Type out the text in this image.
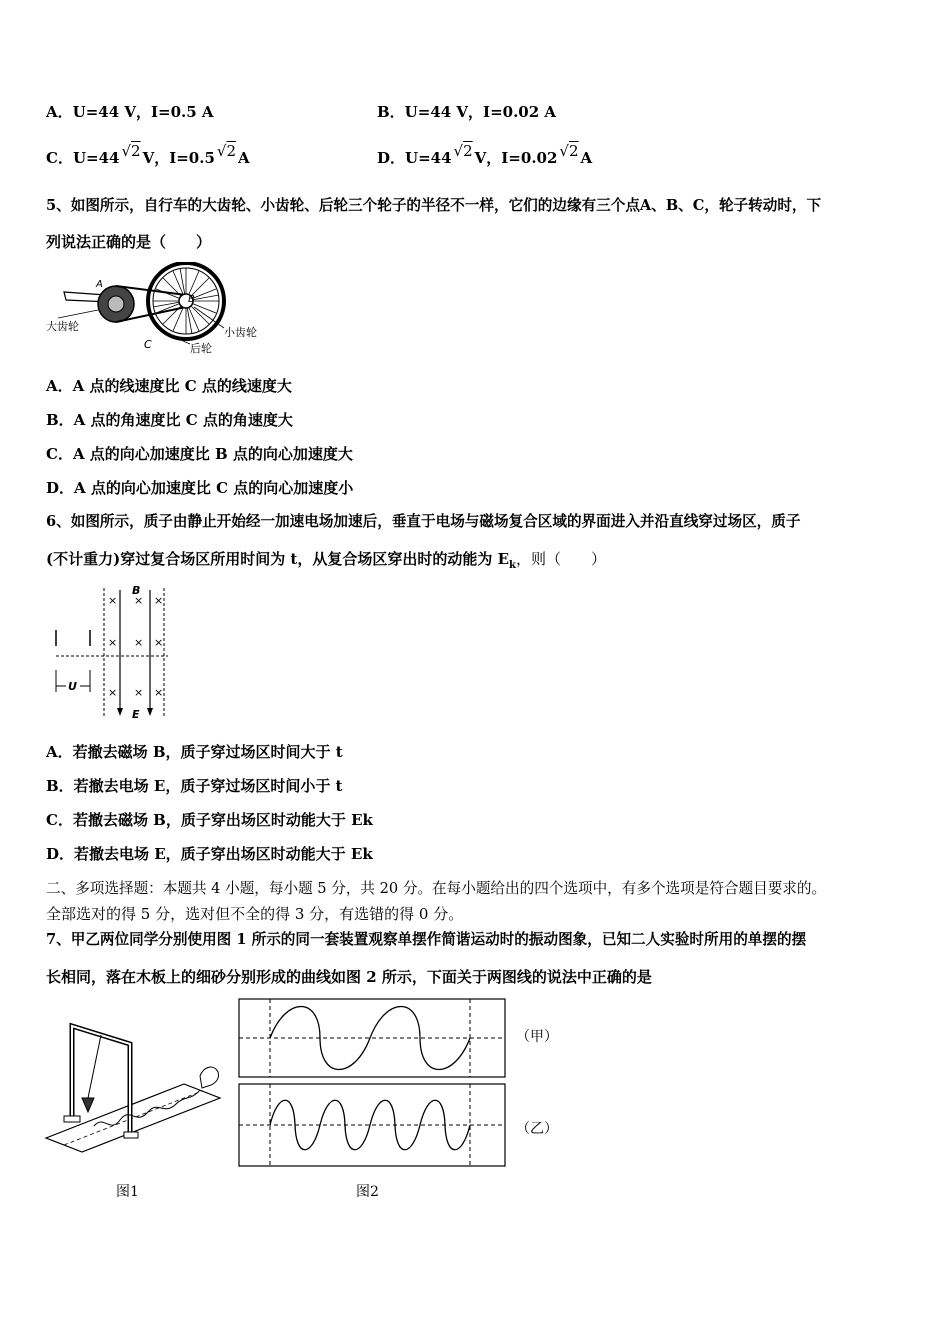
A．U=44 V，I=0.5 A	B．U=44 V，I=0.02 A
C．U=44 √2 V，I=0.5 √2 A	D．U=44 √2 V，I=0.02 √2 A
5、如图所示，自行车的大齿轮、小齿轮、后轮三个轮子的半径不一样，它们的边缘有三个点A、B、C，轮子转动时，下
列说法正确的是（　　）
A
B
C
大齿轮	小齿轮
后轮
A．A 点的线速度比 C 点的线速度大
B．A 点的角速度比 C 点的角速度大
C．A 点的向心加速度比 B 点的向心加速度大
D．A 点的向心加速度比 C 点的向心加速度小
6、如图所示，质子由静止开始经一加速电场加速后，垂直于电场与磁场复合区域的界面进入并沿直线穿过场区，质子
(不计重力)穿过复合场区所用时间为 t，从复合场区穿出时的动能为 $E_k$，则（　　）
U
B
E
× × ×
× × ×
× × ×
A．若撤去磁场 B，质子穿过场区时间大于 t
B．若撤去电场 E，质子穿过场区时间小于 t
C．若撤去磁场 B，质子穿出场区时动能大于 Ek
D．若撤去电场 E，质子穿出场区时动能大于 Ek
二、多项选择题：本题共 4 小题，每小题 5 分，共 20 分。在每小题给出的四个选项中，有多个选项是符合题目要求的。
全部选对的得 5 分，选对但不全的得 3 分，有选错的得 0 分。
7、甲乙两位同学分别使用图 1 所示的同一套装置观察单摆作简谐运动时的振动图象，已知二人实验时所用的单摆的摆
长相同，落在木板上的细砂分别形成的曲线如图 2 所示，下面关于两图线的说法中正确的是
图1
（甲）
（乙）
图2
